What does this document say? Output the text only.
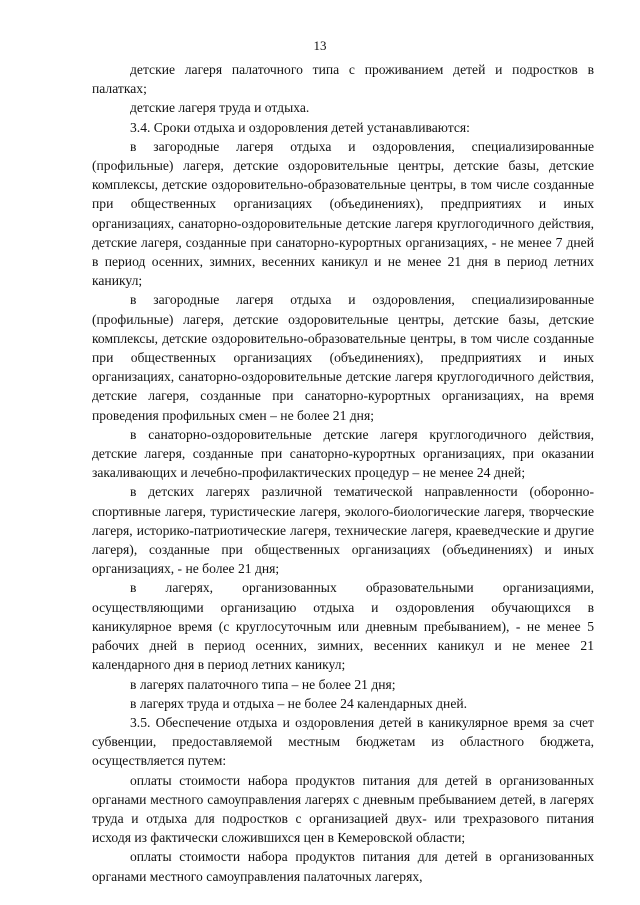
13

детские лагеря палаточного типа с проживанием детей и подростков в палатках;

детские лагеря труда и отдыха.

3.4. Сроки отдыха и оздоровления детей устанавливаются:

в загородные лагеря отдыха и оздоровления, специализированные (профильные) лагеря, детские оздоровительные центры, детские базы, детские комплексы, детские оздоровительно-образовательные центры, в том числе созданные при общественных организациях (объединениях), предприятиях и иных организациях, санаторно-оздоровительные детские лагеря круглогодичного действия, детские лагеря, созданные при санаторно-курортных организациях, - не менее 7 дней в период осенних, зимних, весенних каникул и не менее 21 дня в период летних каникул;

в загородные лагеря отдыха и оздоровления, специализированные (профильные) лагеря, детские оздоровительные центры, детские базы, детские комплексы, детские оздоровительно-образовательные центры, в том числе созданные при общественных организациях (объединениях), предприятиях и иных организациях, санаторно-оздоровительные детские лагеря круглогодичного действия, детские лагеря, созданные при санаторно-курортных организациях, на время проведения профильных смен – не более 21 дня;

в санаторно-оздоровительные детские лагеря круглогодичного действия, детские лагеря, созданные при санаторно-курортных организациях, при оказании закаливающих и лечебно-профилактических процедур – не менее 24 дней;

в детских лагерях различной тематической направленности (оборонно-спортивные лагеря, туристические лагеря, эколого-биологические лагеря, творческие лагеря, историко-патриотические лагеря, технические лагеря, краеведческие и другие лагеря), созданные при общественных организациях (объединениях) и иных организациях, - не более 21 дня;

в лагерях, организованных образовательными организациями, осуществляющими организацию отдыха и оздоровления обучающихся в каникулярное время (с круглосуточным или дневным пребыванием), - не менее 5 рабочих дней в период осенних, зимних, весенних каникул и не менее 21 календарного дня в период летних каникул;

в лагерях палаточного типа – не более 21 дня;

в лагерях труда и отдыха – не более 24 календарных дней.

3.5. Обеспечение отдыха и оздоровления детей в каникулярное время за счет субвенции, предоставляемой местным бюджетам из областного бюджета, осуществляется путем:

оплаты стоимости набора продуктов питания для детей в организованных органами местного самоуправления лагерях с дневным пребыванием детей, в лагерях труда и отдыха для подростков с организацией двух- или трехразового питания исходя из фактически сложившихся цен в Кемеровской области;

оплаты стоимости набора продуктов питания для детей в организованных органами местного самоуправления палаточных лагерях,
